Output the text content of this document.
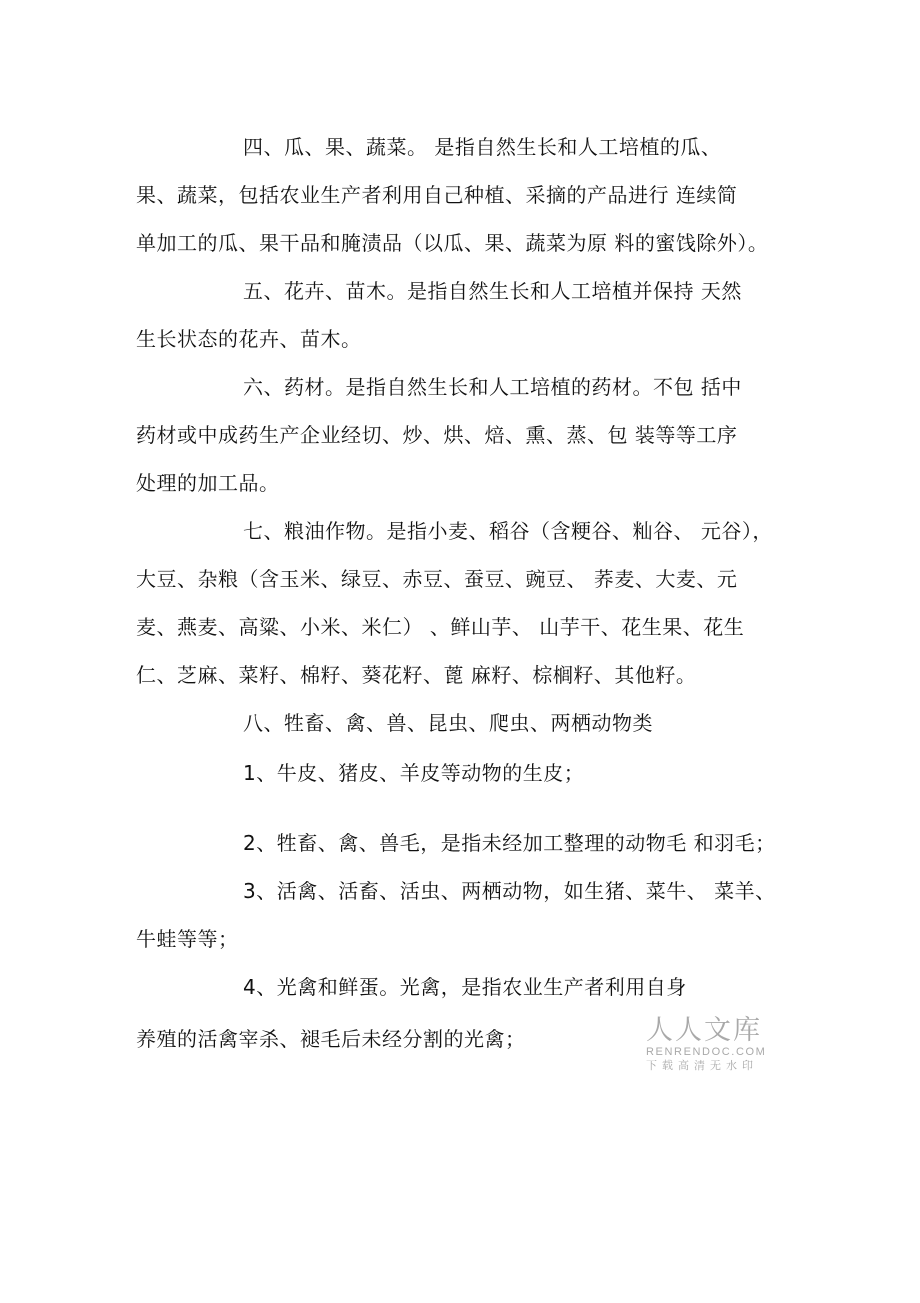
四、瓜、果、蔬菜。 是指自然生长和人工培植的瓜、
果、蔬菜，包括农业生产者利用自己种植、采摘的产品进行 连续简
单加工的瓜、果干品和腌渍品（以瓜、果、蔬菜为原 料的蜜饯除外）。
五、花卉、苗木。是指自然生长和人工培植并保持 天然
生长状态的花卉、苗木。
六、药材。是指自然生长和人工培植的药材。不包 括中
药材或中成药生产企业经切、炒、烘、焙、熏、蒸、包 装等等工序
处理的加工品。
七、粮油作物。是指小麦、稻谷（含粳谷、籼谷、 元谷），
大豆、杂粮（含玉米、绿豆、赤豆、蚕豆、豌豆、 荞麦、大麦、元
麦、燕麦、高粱、小米、米仁） 、鲜山芋、 山芋干、花生果、花生
仁、芝麻、菜籽、棉籽、葵花籽、蓖 麻籽、棕榈籽、其他籽。
八、牲畜、禽、兽、昆虫、爬虫、两栖动物类
1、牛皮、猪皮、羊皮等动物的生皮；
2、牲畜、禽、兽毛，是指未经加工整理的动物毛 和羽毛；
3、活禽、活畜、活虫、两栖动物，如生猪、菜牛、 菜羊、
牛蛙等等；
4、光禽和鲜蛋。光禽，是指农业生产者利用自身
养殖的活禽宰杀、褪毛后未经分割的光禽；	人人文库
RENRENDOC.COM
下载高清无水印
